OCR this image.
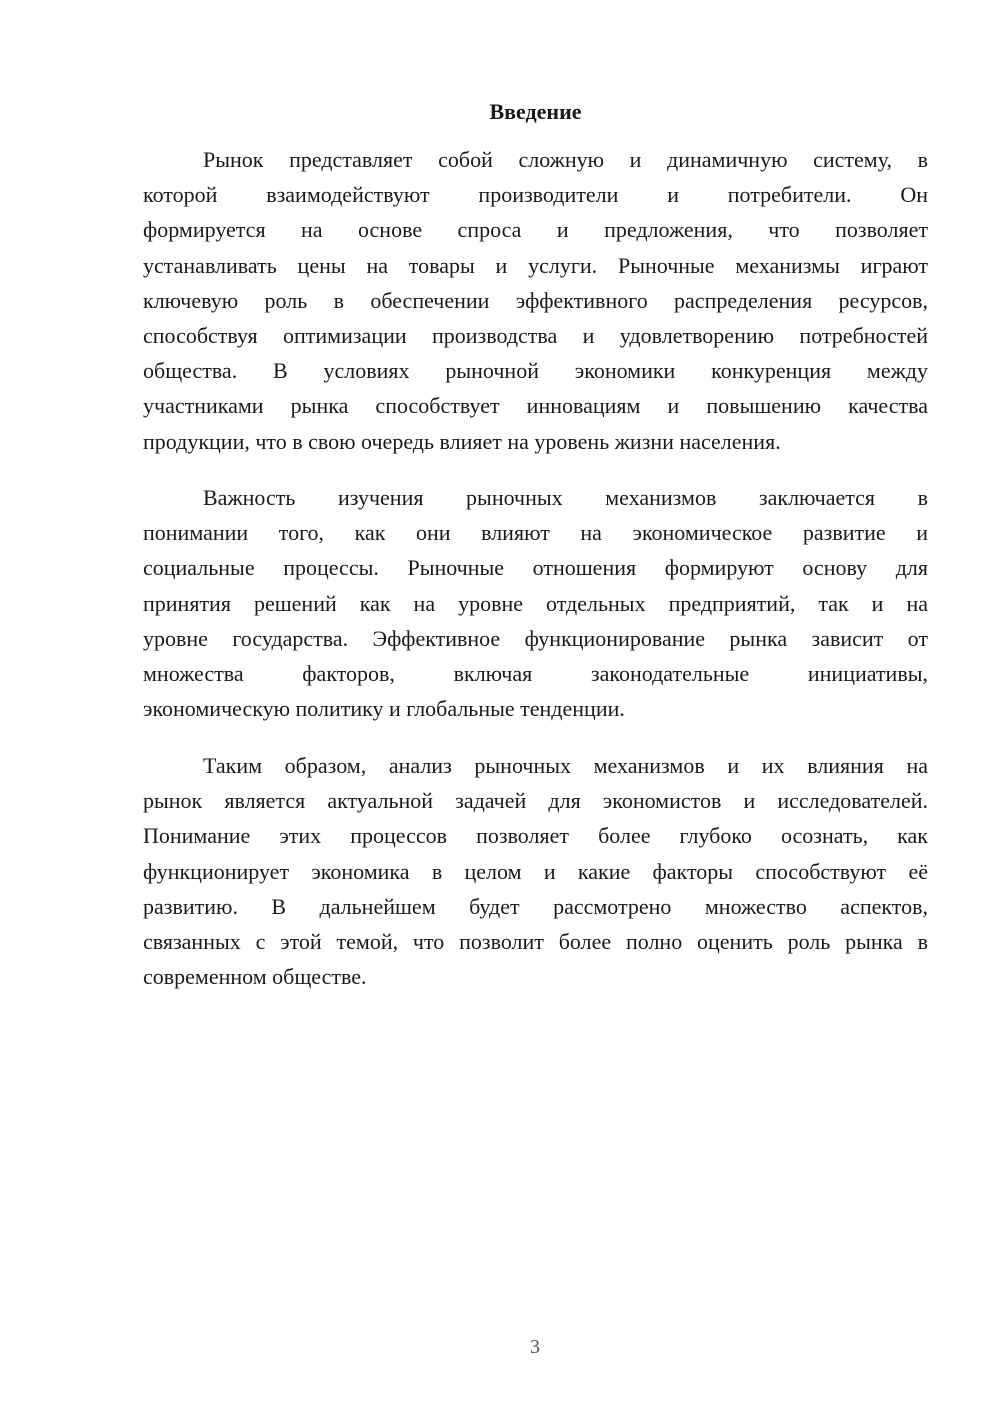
Введение
Рынок представляет собой сложную и динамичную систему, в
которой взаимодействуют производители и потребители. Он
формируется на основе спроса и предложения, что позволяет
устанавливать цены на товары и услуги. Рыночные механизмы играют
ключевую роль в обеспечении эффективного распределения ресурсов,
способствуя оптимизации производства и удовлетворению потребностей
общества. В условиях рыночной экономики конкуренция между
участниками рынка способствует инновациям и повышению качества
продукции, что в свою очередь влияет на уровень жизни населения.
Важность изучения рыночных механизмов заключается в
понимании того, как они влияют на экономическое развитие и
социальные процессы. Рыночные отношения формируют основу для
принятия решений как на уровне отдельных предприятий, так и на
уровне государства. Эффективное функционирование рынка зависит от
множества факторов, включая законодательные инициативы,
экономическую политику и глобальные тенденции.
Таким образом, анализ рыночных механизмов и их влияния на
рынок является актуальной задачей для экономистов и исследователей.
Понимание этих процессов позволяет более глубоко осознать, как
функционирует экономика в целом и какие факторы способствуют её
развитию. В дальнейшем будет рассмотрено множество аспектов,
связанных с этой темой, что позволит более полно оценить роль рынка в
современном обществе.
3
